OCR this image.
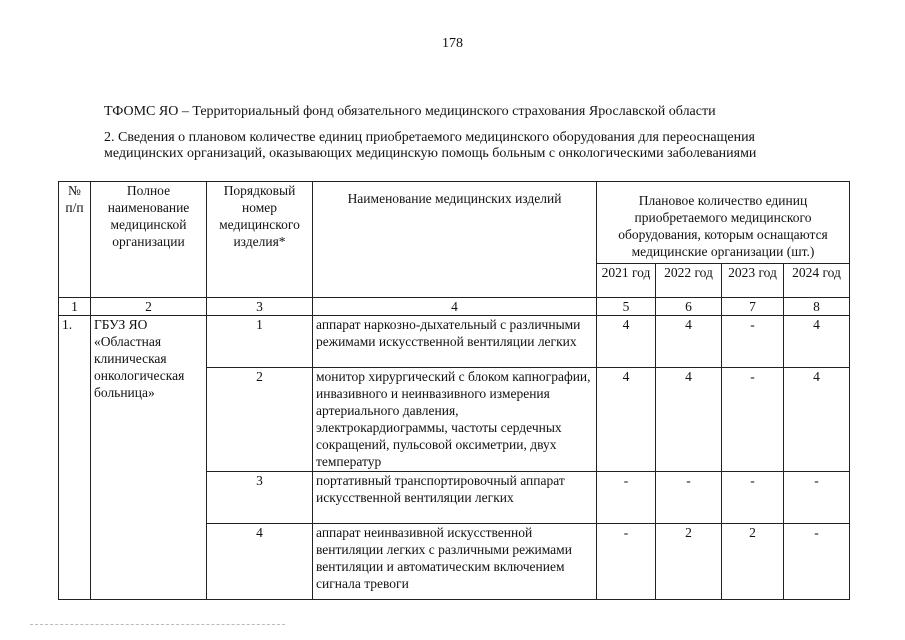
178
ТФОМС ЯО – Территориальный фонд обязательного медицинского страхования Ярославской области
2. Сведения о плановом количестве единиц приобретаемого медицинского оборудования для переоснащения медицинских организаций, оказывающих медицинскую помощь больным с онкологическими заболеваниями
№ п/п	Полное наименование медицинской организации	Порядковый номер медицинского изделия*	Наименование медицинских изделий	Плановое количество единиц приобретаемого медицинского оборудования, которым оснащаются медицинские организации (шт.)			
				2021 год	2022 год	2023 год	2024 год
1	2	3	4	5	6	7	8
1.	ГБУЗ ЯО «Областная клиническая онкологическая больница»	1	аппарат наркозно-дыхательный с различными режимами искусственной вентиляции легких	4	4	-	4
		2	монитор хирургический с блоком капнографии, инвазивного и неинвазивного измерения артериального давления, электрокардиограммы, частоты сердечных сокращений, пульсовой оксиметрии, двух температур	4	4	-	4
		3	портативный транспортировочный аппарат искусственной вентиляции легких	-	-	-	-
		4	аппарат неинвазивной искусственной вентиляции легких с различными режимами вентиляции и автоматическим включением сигнала тревоги	-	2	2	-
